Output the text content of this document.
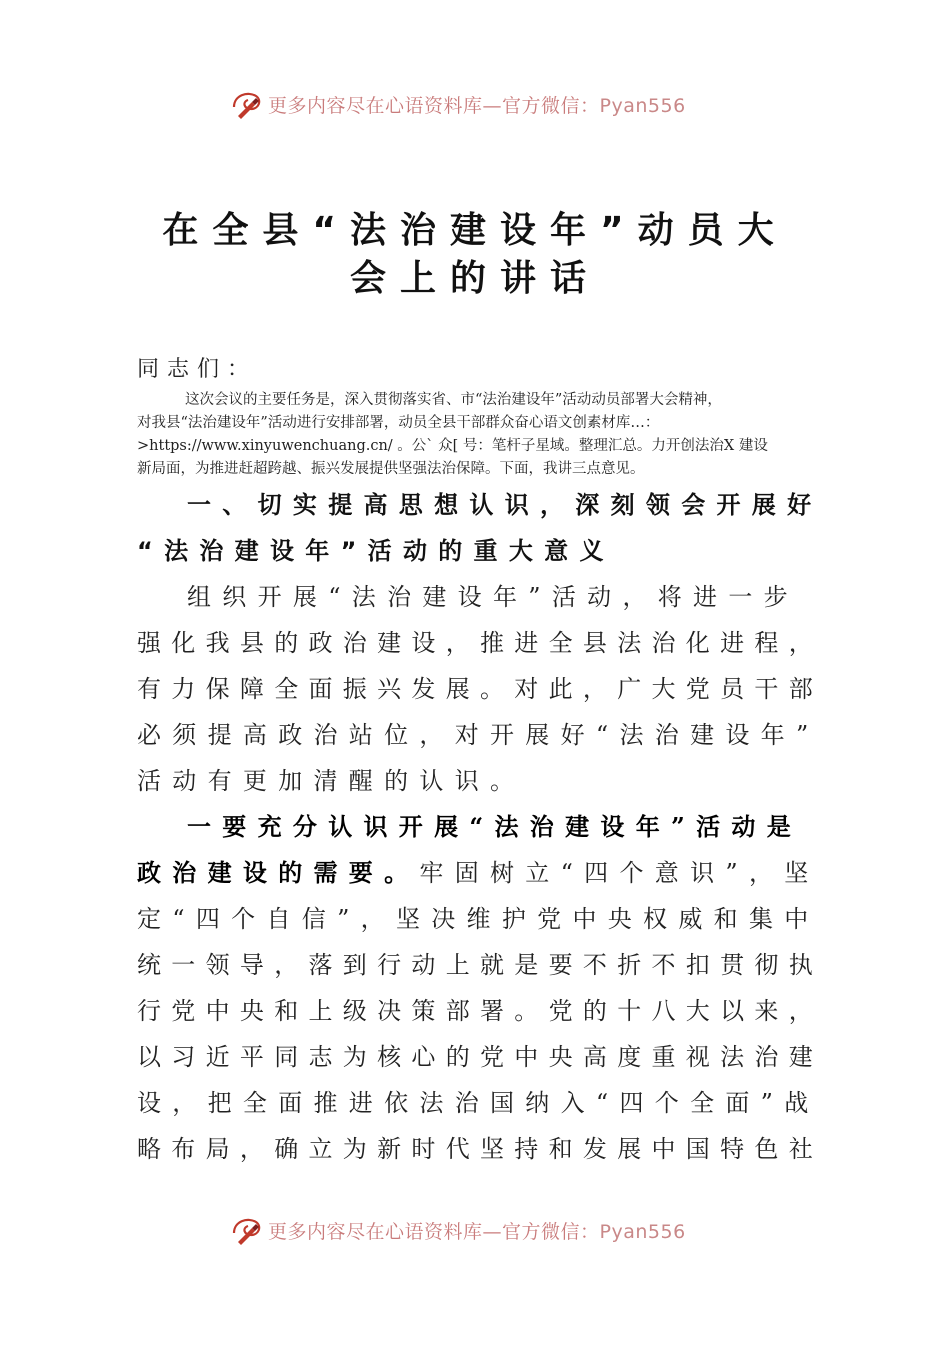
更多内容尽在心语资料库—官方微信：Pyan556
在全县“法治建设年”动员大
会上的讲话
同志们：
这次会议的主要任务是，深入贯彻落实省、市“法治建设年”活动动员部署大会精神，
对我县“法治建设年”活动进行安排部署，动员全县干部群众奋心语文创素材库…：
>https://www.xinyuwenchuang.cn/ 。公` 众[ 号：笔杆子星域。整理汇总。力开创法治X 建设
新局面，为推进赶超跨越、振兴发展提供坚强法治保障。下面，我讲三点意见。
一、切实提高思想认识，深刻领会开展好
“法治建设年”活动的重大意义
组织开展“法治建设年”活动，将进一步
强化我县的政治建设，推进全县法治化进程，
有力保障全面振兴发展。对此，广大党员干部
必须提高政治站位，对开展好“法治建设年”
活动有更加清醒的认识。
一要充分认识开展“法治建设年”活动是
政治建设的需要。牢固树立“四个意识”，坚
定“四个自信”，坚决维护党中央权威和集中
统一领导，落到行动上就是要不折不扣贯彻执
行党中央和上级决策部署。党的十八大以来，
以习近平同志为核心的党中央高度重视法治建
设，把全面推进依法治国纳入“四个全面”战
略布局，确立为新时代坚持和发展中国特色社
更多内容尽在心语资料库—官方微信：Pyan556
